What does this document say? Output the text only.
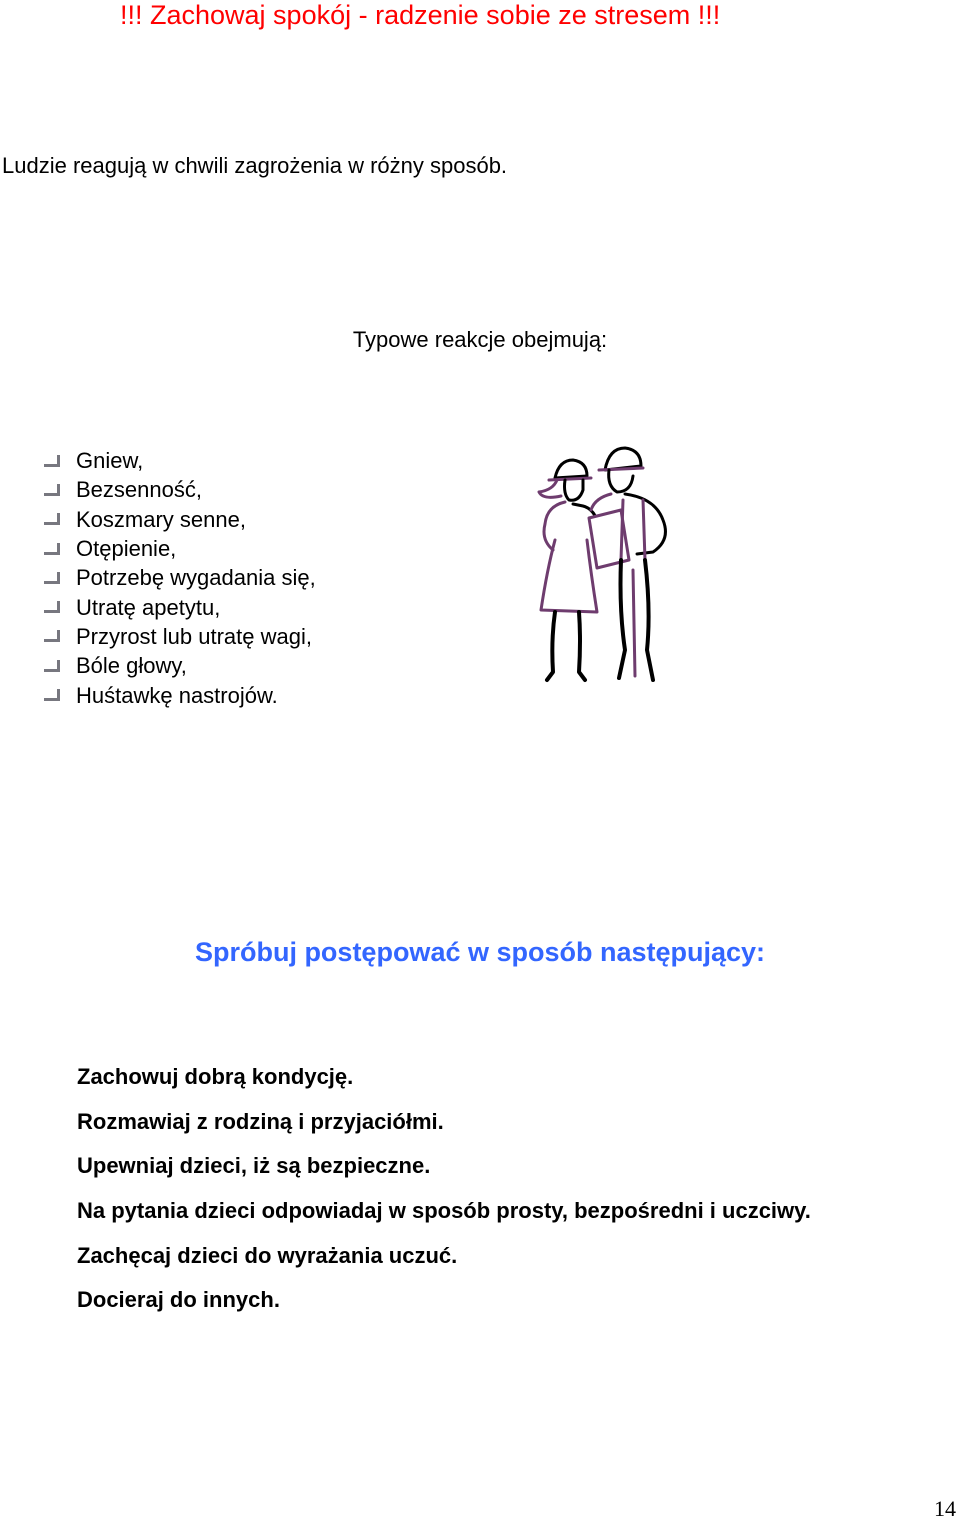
!!! Zachowaj spokój - radzenie sobie ze stresem !!!
Ludzie reagują w chwili zagrożenia w różny sposób.
Typowe reakcje obejmują:
Gniew,
Bezsenność,
Koszmary senne,
Otępienie,
Potrzebę wygadania się,
Utratę apetytu,
Przyrost lub utratę wagi,
Bóle głowy,
Huśtawkę nastrojów.
Spróbuj postępować w sposób następujący:
Zachowuj dobrą kondycję.
Rozmawiaj z rodziną i przyjaciółmi.
Upewniaj dzieci, iż są bezpieczne.
Na pytania dzieci odpowiadaj w sposób prosty, bezpośredni i uczciwy.
Zachęcaj dzieci do wyrażania uczuć.
Docieraj do innych.
14
